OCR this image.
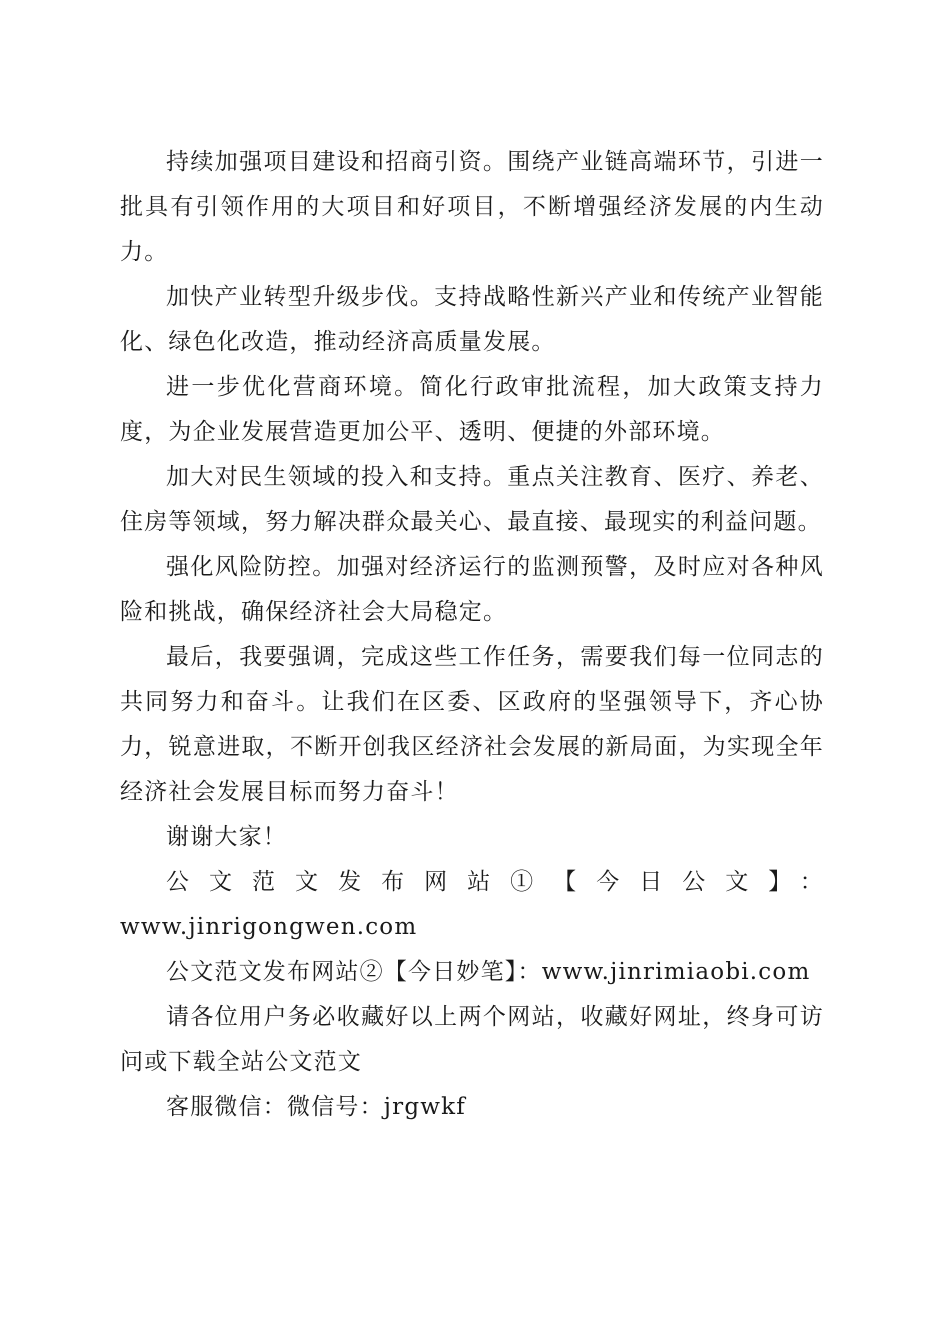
持续加强项目建设和招商引资。围绕产业链高端环节，引进一批具有引领作用的大项目和好项目，不断增强经济发展的内生动力。

加快产业转型升级步伐。支持战略性新兴产业和传统产业智能化、绿色化改造，推动经济高质量发展。

进一步优化营商环境。简化行政审批流程，加大政策支持力度，为企业发展营造更加公平、透明、便捷的外部环境。

加大对民生领域的投入和支持。重点关注教育、医疗、养老、住房等领域，努力解决群众最关心、最直接、最现实的利益问题。

强化风险防控。加强对经济运行的监测预警，及时应对各种风险和挑战，确保经济社会大局稳定。

最后，我要强调，完成这些工作任务，需要我们每一位同志的共同努力和奋斗。让我们在区委、区政府的坚强领导下，齐心协力，锐意进取，不断开创我区经济社会发展的新局面，为实现全年经济社会发展目标而努力奋斗！

谢谢大家！

公文范文发布网站①【今日公文】：

www.jinrigongwen.com

公文范文发布网站②【今日妙笔】：www.jinrimiaobi.com

请各位用户务必收藏好以上两个网站，收藏好网址，终身可访问或下载全站公文范文

客服微信：微信号：jrgwkf
